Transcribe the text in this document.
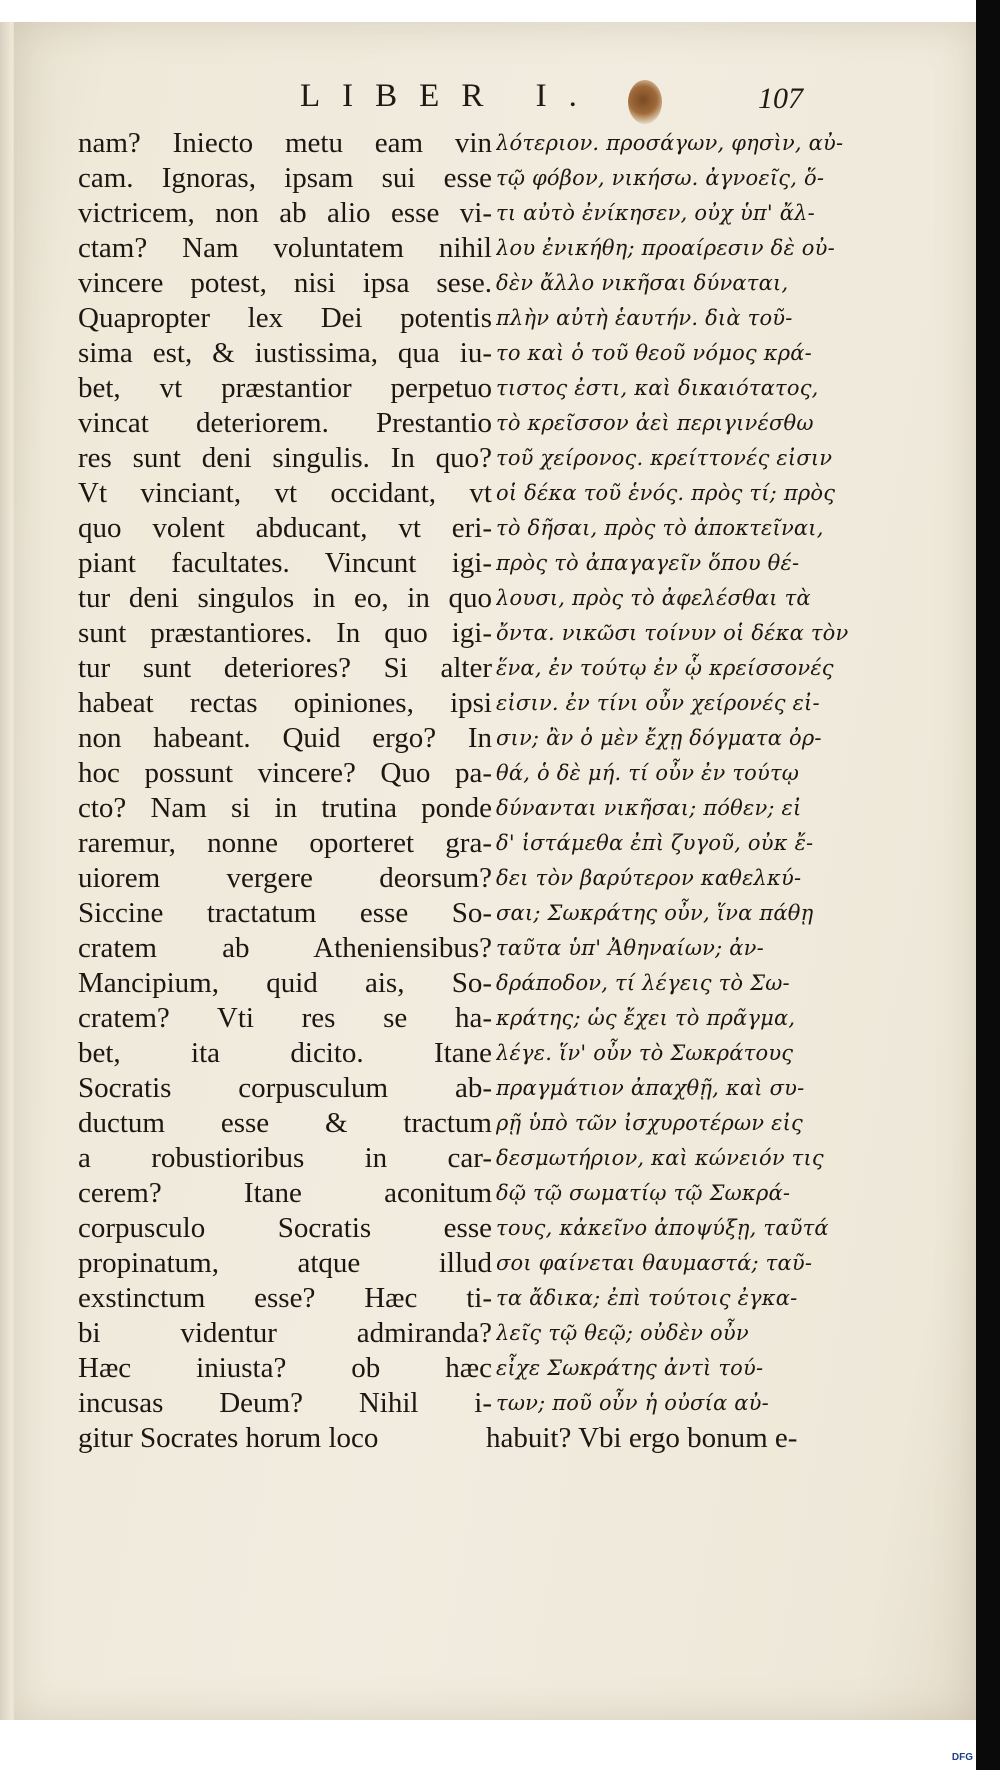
LIBER I.	107
nam? Iniecto metu eam vin
cam. Ignoras, ipsam sui esse
victricem, non ab alio esse vi-
ctam? Nam voluntatem nihil
vincere potest, nisi ipsa sese.
Quapropter lex Dei potentis
sima est, & iustissima, qua iu-
bet, vt præstantior perpetuo
vincat deteriorem. Prestantio
res sunt deni singulis. In quo?
Vt vinciant, vt occidant, vt
quo volent abducant, vt eri-
piant facultates. Vincunt igi-
tur deni singulos in eo, in quo
sunt præstantiores. In quo igi-
tur sunt deteriores? Si alter
habeat rectas opiniones, ipsi
non habeant. Quid ergo? In
hoc possunt vincere? Quo pa-
cto? Nam si in trutina ponde
raremur, nonne oporteret gra-
uiorem vergere deorsum?
Siccine tractatum esse So-
cratem ab Atheniensibus?
Mancipium, quid ais, So-
cratem? Vti res se ha-
bet, ita dicito. Itane
Socratis corpusculum ab-
ductum esse & tractum
a robustioribus in car-
cerem? Itane aconitum
corpusculo Socratis esse
propinatum, atque illud
exstinctum esse? Hæc ti-
bi videntur admiranda?
Hæc iniusta? ob hæc
incusas Deum? Nihil i-
gitur Socrates horum loco
λότεριον. προσάγων, φησὶν, αὐ-
τῷ φόβον, νικήσω. ἀγνοεῖς, ὅ-
τι αὐτὸ ἐνίκησεν, οὐχ ὑπ' ἄλ-
λου ἐνικήθη; προαίρεσιν δὲ οὐ-
δὲν ἄλλο νικῆσαι δύναται,
πλὴν αὐτὴ ἑαυτήν. διὰ τοῦ-
το καὶ ὁ τοῦ θεοῦ νόμος κρά-
τιστος ἐστι, καὶ δικαιότατος,
τὸ κρεῖσσον ἀεὶ περιγινέσθω
τοῦ χείρονος. κρείττονές εἰσιν
οἱ δέκα τοῦ ἑνός. πρὸς τί; πρὸς
τὸ δῆσαι, πρὸς τὸ ἀποκτεῖναι,
πρὸς τὸ ἀπαγαγεῖν ὅπου θέ-
λουσι, πρὸς τὸ ἀφελέσθαι τὰ
ὄντα. νικῶσι τοίνυν οἱ δέκα τὸν
ἕνα, ἐν τούτῳ ἐν ᾧ κρείσσονές
εἰσιν. ἐν τίνι οὖν χείρονές εἰ-
σιν; ἂν ὁ μὲν ἔχῃ δόγματα ὀρ-
θά, ὁ δὲ μή. τί οὖν ἐν τούτῳ
δύνανται νικῆσαι; πόθεν; εἰ
δ' ἱστάμεθα ἐπὶ ζυγοῦ, οὐκ ἔ-
δει τὸν βαρύτερον καθελκύ-
σαι; Σωκράτης οὖν, ἵνα πάθῃ
ταῦτα ὑπ' Ἀθηναίων; ἀν-
δράποδον, τί λέγεις τὸ Σω-
κράτης; ὡς ἔχει τὸ πρᾶγμα,
λέγε. ἵν' οὖν τὸ Σωκράτους
πραγμάτιον ἀπαχθῇ, καὶ συ-
ρῇ ὑπὸ τῶν ἰσχυροτέρων εἰς
δεσμωτήριον, καὶ κώνειόν τις
δῷ τῷ σωματίῳ τῷ Σωκρά-
τους, κἀκεῖνο ἀποψύξῃ, ταῦτά
σοι φαίνεται θαυμαστά; ταῦ-
τα ἄδικα; ἐπὶ τούτοις ἐγκα-
λεῖς τῷ θεῷ; οὐδὲν οὖν
εἶχε Σωκράτης ἀντὶ τού-
των; ποῦ οὖν ἡ οὐσία αὐ-
habuit? Vbi ergo bonum e-
Digitalisierung gefördert durch die Deutsche Forschungsgemeinschaft · DFG
